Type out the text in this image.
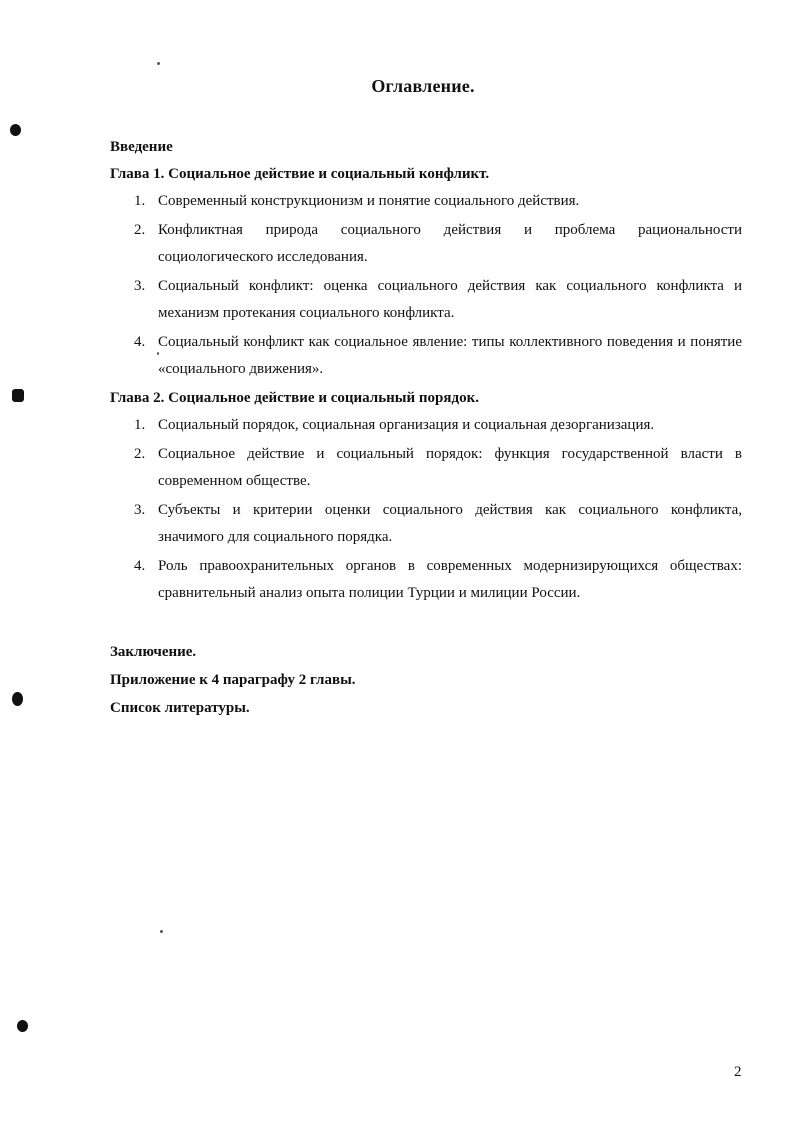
Оглавление.

Введение

Глава 1. Социальное действие и социальный конфликт.

1. Современный конструкционизм и понятие социального действия.
2. Конфликтная природа социального действия и проблема рациональности социологического исследования.
3. Социальный конфликт: оценка социального действия как социального конфликта и механизм протекания социального конфликта.
4. Социальный конфликт как социальное явление: типы коллективного поведения и понятие «социального движения».

Глава 2. Социальное действие и социальный порядок.

1. Социальный порядок, социальная организация и социальная дезорганизация.
2. Социальное действие и социальный порядок: функция государственной власти в современном обществе.
3. Субъекты и критерии оценки социального действия как социального конфликта, значимого для социального порядка.
4. Роль правоохранительных органов в современных модернизирующихся обществах: сравнительный анализ опыта полиции Турции и милиции России.

Заключение.

Приложение к 4 параграфу 2 главы.

Список литературы.

2
